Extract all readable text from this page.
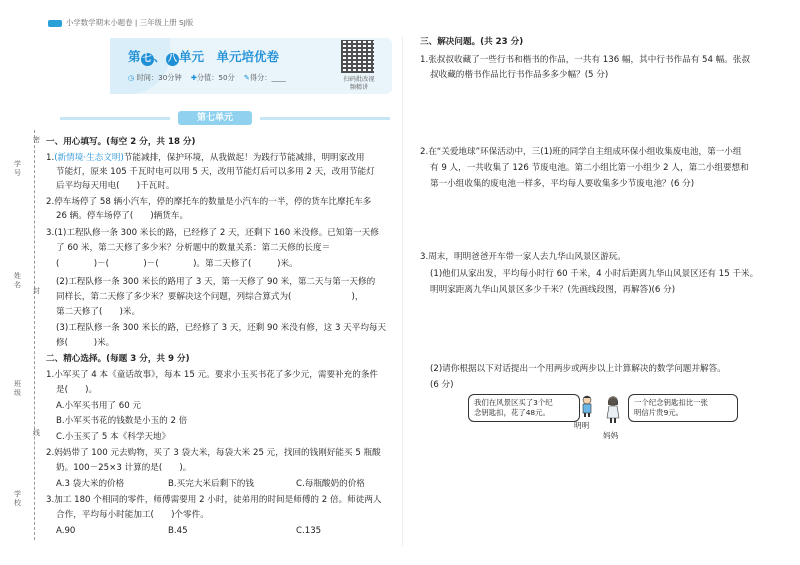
小学数学期末小题卷 | 三年级上册 SJ版
第 七 、 八 单元　单元培优卷
◷ 时间：30分钟 ✚分值：50分 ✎得分：____	扫码批改视频精讲
第七单元
学号
姓名
班级
学校
密
封
线
一、用心填写。(每空 2 分，共 18 分)
1.(新情境·生态文明)节能减排，保护环境，从我做起！为践行节能减排，明明家改用
节能灯，原来 105 千瓦时电可以用 5 天，改用节能灯后可以多用 2 天，改用节能灯
后平均每天用电(　　)千瓦时。
2.停车场停了 58 辆小汽车，停的摩托车的数量是小汽车的一半，停的货车比摩托车多
26 辆。停车场停了(　　)辆货车。
3.(1)工程队修一条 300 米长的路，已经修了 2 天，还剩下 160 米没修。已知第一天修
了 60 米，第二天修了多少米？分析题中的数量关系：第二天修的长度＝
(　　　　)－(　　　　)－(　　　　)。第二天修了(　　　)米。
(2)工程队修一条 300 米长的路用了 3 天，第一天修了 90 米，第二天与第一天修的
同样长，第二天修了多少米？要解决这个问题，列综合算式为(　　　　　　　)，
第二天修了(　　)米。
(3)工程队修一条 300 米长的路，已经修了 3 天，还剩 90 米没有修，这 3 天平均每天
修(　　　)米。
二、精心选择。(每题 3 分，共 9 分)
1.小军买了 4 本《童话故事》，每本 15 元。要求小玉买书花了多少元，需要补充的条件
是(　　)。
A.小军买书用了 60 元
B.小军买书花的钱数是小玉的 2 倍
C.小玉买了 5 本《科学天地》
2.妈妈带了 100 元去购物，买了 3 袋大米，每袋大米 25 元，找回的钱刚好能买 5 瓶酸
奶。100－25×3 计算的是(　　)。
A.3 袋大米的价格	B.买完大米后剩下的钱	C.每瓶酸奶的价格
3.加工 180 个相同的零件，师傅需要用 2 小时，徒弟用的时间是师傅的 2 倍。师徒两人
合作，平均每小时能加工(　　)个零件。
A.90	B.45	C.135
三、解决问题。(共 23 分)
1.张叔叔收藏了一些行书和楷书的作品，一共有 136 幅，其中行书作品有 54 幅。张叔
叔收藏的楷书作品比行书作品多多少幅？(5 分)
2.在“关爱地球”环保活动中，三(1)班的同学自主组成环保小组收集废电池，第一小组
有 9 人，一共收集了 126 节废电池。第二小组比第一小组少 2 人，第二小组要想和
第一小组收集的废电池一样多，平均每人要收集多少节废电池？(6 分)
3.周末，明明爸爸开车带一家人去九华山风景区游玩。
(1)他们从家出发，平均每小时行 60 千米，4 小时后距离九华山风景区还有 15 千米。
明明家距离九华山风景区多少千米？(先画线段图，再解答)(6 分)
(2)请你根据以下对话提出一个用两步或两步以上计算解决的数学问题并解答。
(6 分)
我们在风景区买了3个纪
念钥匙扣，花了48元。
明明
妈妈
一个纪念钥匙扣比一张
明信片贵9元。
